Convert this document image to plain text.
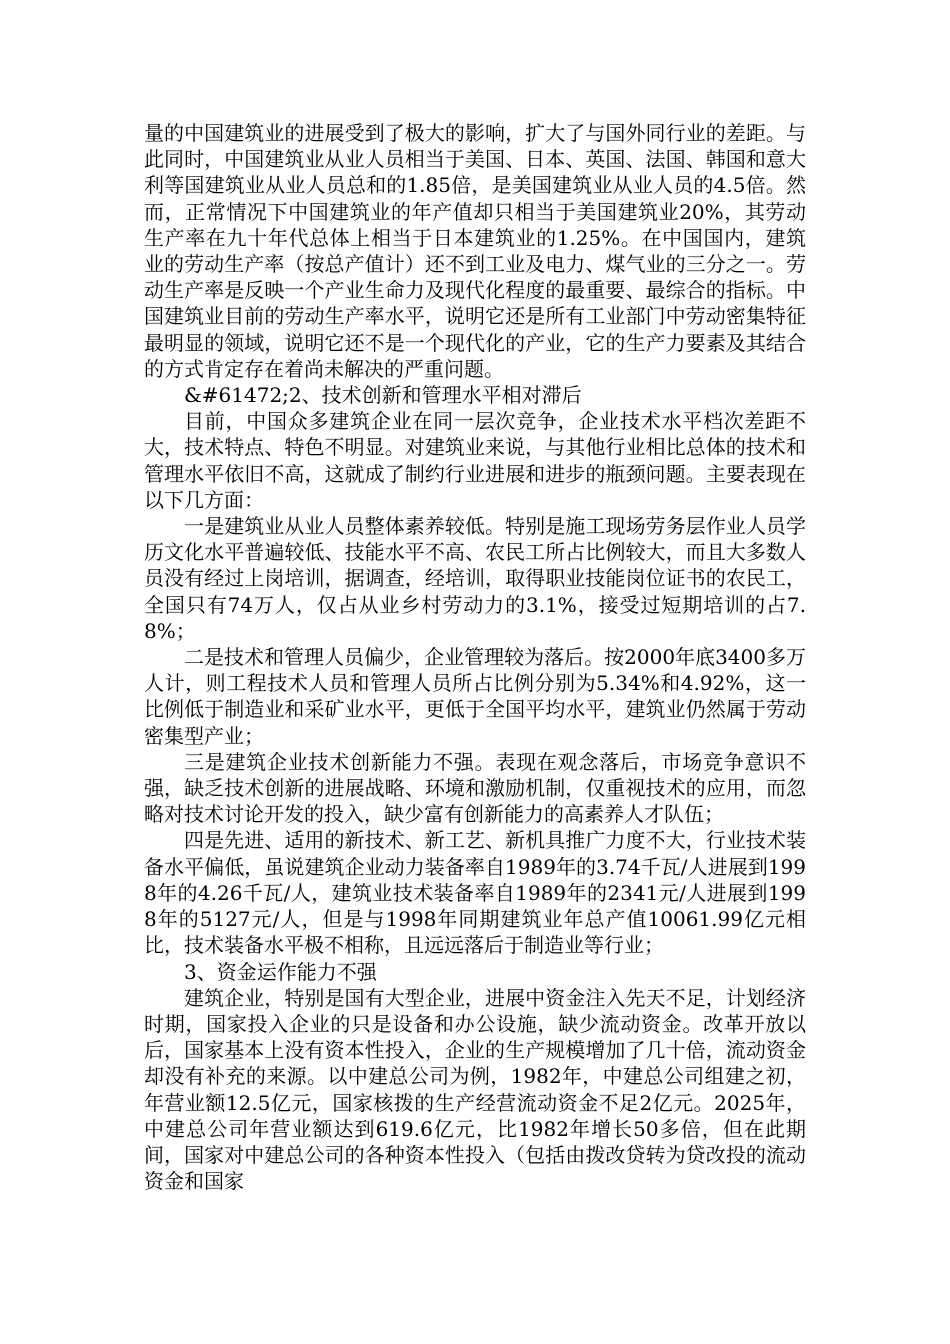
量的中国建筑业的进展受到了极大的影响，扩大了与国外同行业的差距。与此同时，中国建筑业从业人员相当于美国、日本、英国、法国、韩国和意大利等国建筑业从业人员总和的1.85倍，是美国建筑业从业人员的4.5倍。然而，正常情况下中国建筑业的年产值却只相当于美国建筑业20%，其劳动生产率在九十年代总体上相当于日本建筑业的1.25%。在中国国内，建筑业的劳动生产率（按总产值计）还不到工业及电力、煤气业的三分之一。劳动生产率是反映一个产业生命力及现代化程度的最重要、最综合的指标。中国建筑业目前的劳动生产率水平，说明它还是所有工业部门中劳动密集特征最明显的领域，说明它还不是一个现代化的产业，它的生产力要素及其结合的方式肯定存在着尚未解决的严重问题。

&#61472;2、技术创新和管理水平相对滞后

目前，中国众多建筑企业在同一层次竞争，企业技术水平档次差距不大，技术特点、特色不明显。对建筑业来说，与其他行业相比总体的技术和管理水平依旧不高，这就成了制约行业进展和进步的瓶颈问题。主要表现在以下几方面：

一是建筑业从业人员整体素养较低。特别是施工现场劳务层作业人员学历文化水平普遍较低、技能水平不高、农民工所占比例较大，而且大多数人员没有经过上岗培训，据调查，经培训，取得职业技能岗位证书的农民工，全国只有74万人，仅占从业乡村劳动力的3.1%，接受过短期培训的占7.8%；

二是技术和管理人员偏少，企业管理较为落后。按2000年底3400多万人计，则工程技术人员和管理人员所占比例分别为5.34%和4.92%，这一比例低于制造业和采矿业水平，更低于全国平均水平，建筑业仍然属于劳动密集型产业；

三是建筑企业技术创新能力不强。表现在观念落后，市场竞争意识不强，缺乏技术创新的进展战略、环境和激励机制，仅重视技术的应用，而忽略对技术讨论开发的投入，缺少富有创新能力的高素养人才队伍；

四是先进、适用的新技术、新工艺、新机具推广力度不大，行业技术装备水平偏低，虽说建筑企业动力装备率自1989年的3.74千瓦/人进展到1998年的4.26千瓦/人，建筑业技术装备率自1989年的2341元/人进展到1998年的5127元/人，但是与1998年同期建筑业年总产值10061.99亿元相比，技术装备水平极不相称，且远远落后于制造业等行业；

3、资金运作能力不强

建筑企业，特别是国有大型企业，进展中资金注入先天不足，计划经济时期，国家投入企业的只是设备和办公设施，缺少流动资金。改革开放以后，国家基本上没有资本性投入，企业的生产规模增加了几十倍，流动资金却没有补充的来源。以中建总公司为例，1982年，中建总公司组建之初，年营业额12.5亿元，国家核拨的生产经营流动资金不足2亿元。2025年，中建总公司年营业额达到619.6亿元，比1982年增长50多倍，但在此期间，国家对中建总公司的各种资本性投入（包括由拨改贷转为贷改投的流动资金和国家
